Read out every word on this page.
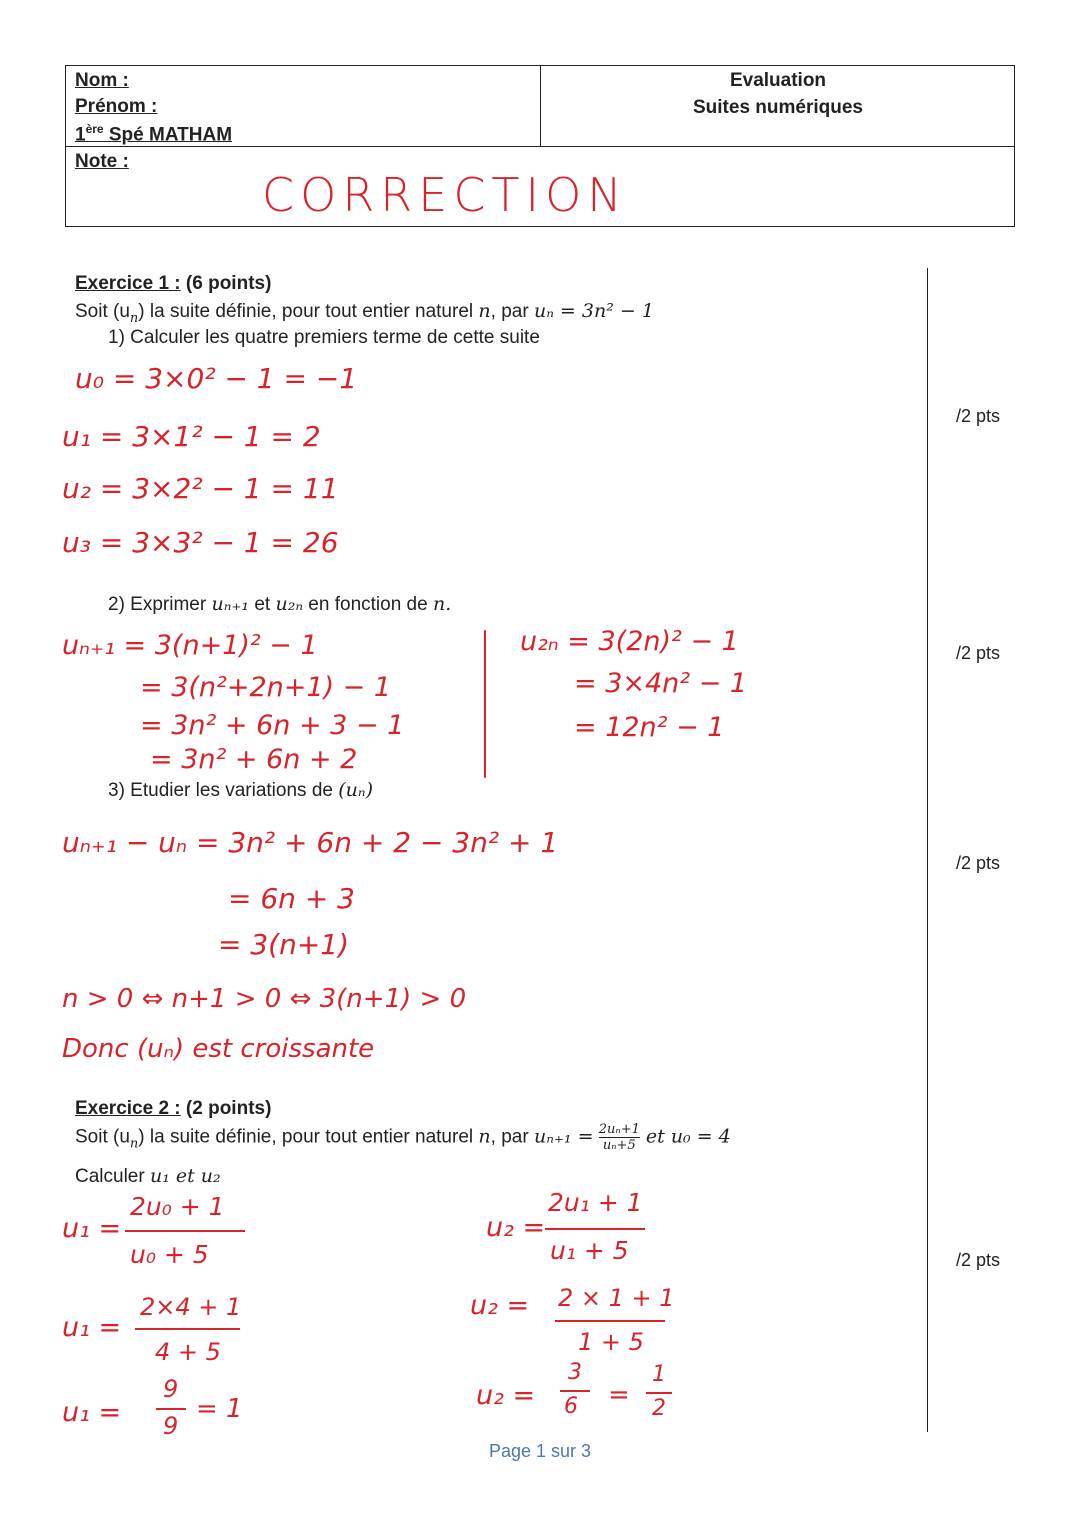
Nom :
Prénom :
1ère Spé MATHAM
Note :
Evaluation
Suites numériques
CORRECTION
/2 pts
/2 pts
/2 pts
/2 pts
Exercice 1 : (6 points)
Soit $(u_n)$ la suite définie, pour tout entier naturel n, par uₙ = 3n² − 1
1) Calculer les quatre premiers terme de cette suite
u₀ = 3×0² − 1 = −1
u₁ = 3×1² − 1 = 2
u₂ = 3×2² − 1 = 11
u₃ = 3×3² − 1 = 26
2) Exprimer uₙ₊₁ et u₂ₙ en fonction de n.
uₙ₊₁ = 3(n+1)² − 1
= 3(n²+2n+1) − 1
= 3n² + 6n + 3 − 1
= 3n² + 6n + 2
u₂ₙ = 3(2n)² − 1
= 3×4n² − 1
= 12n² − 1
3) Etudier les variations de (uₙ)
uₙ₊₁ − uₙ = 3n² + 6n + 2 − 3n² + 1
= 6n + 3
= 3(n+1)
n > 0 ⇔ n+1 > 0 ⇔ 3(n+1) > 0
Donc (uₙ) est croissante
Exercice 2 : (2 points)
Soit $(u_n)$ la suite définie, pour tout entier naturel n, par $u_{n+1} = \frac{\text{2uₙ+1}}{\text{uₙ+5}}$ et u₀ = 4
Calculer u₁ et u₂
u₁ =
2u₀ + 1
u₀ + 5
u₁ =
2×4 + 1
4 + 5
u₁ =
9
9
= 1
u₂ =
2u₁ + 1
u₁ + 5
u₂ = 2 × 1 + 1
1 + 5
u₂ =
3
6 =
1
2
Page 1 sur 3
